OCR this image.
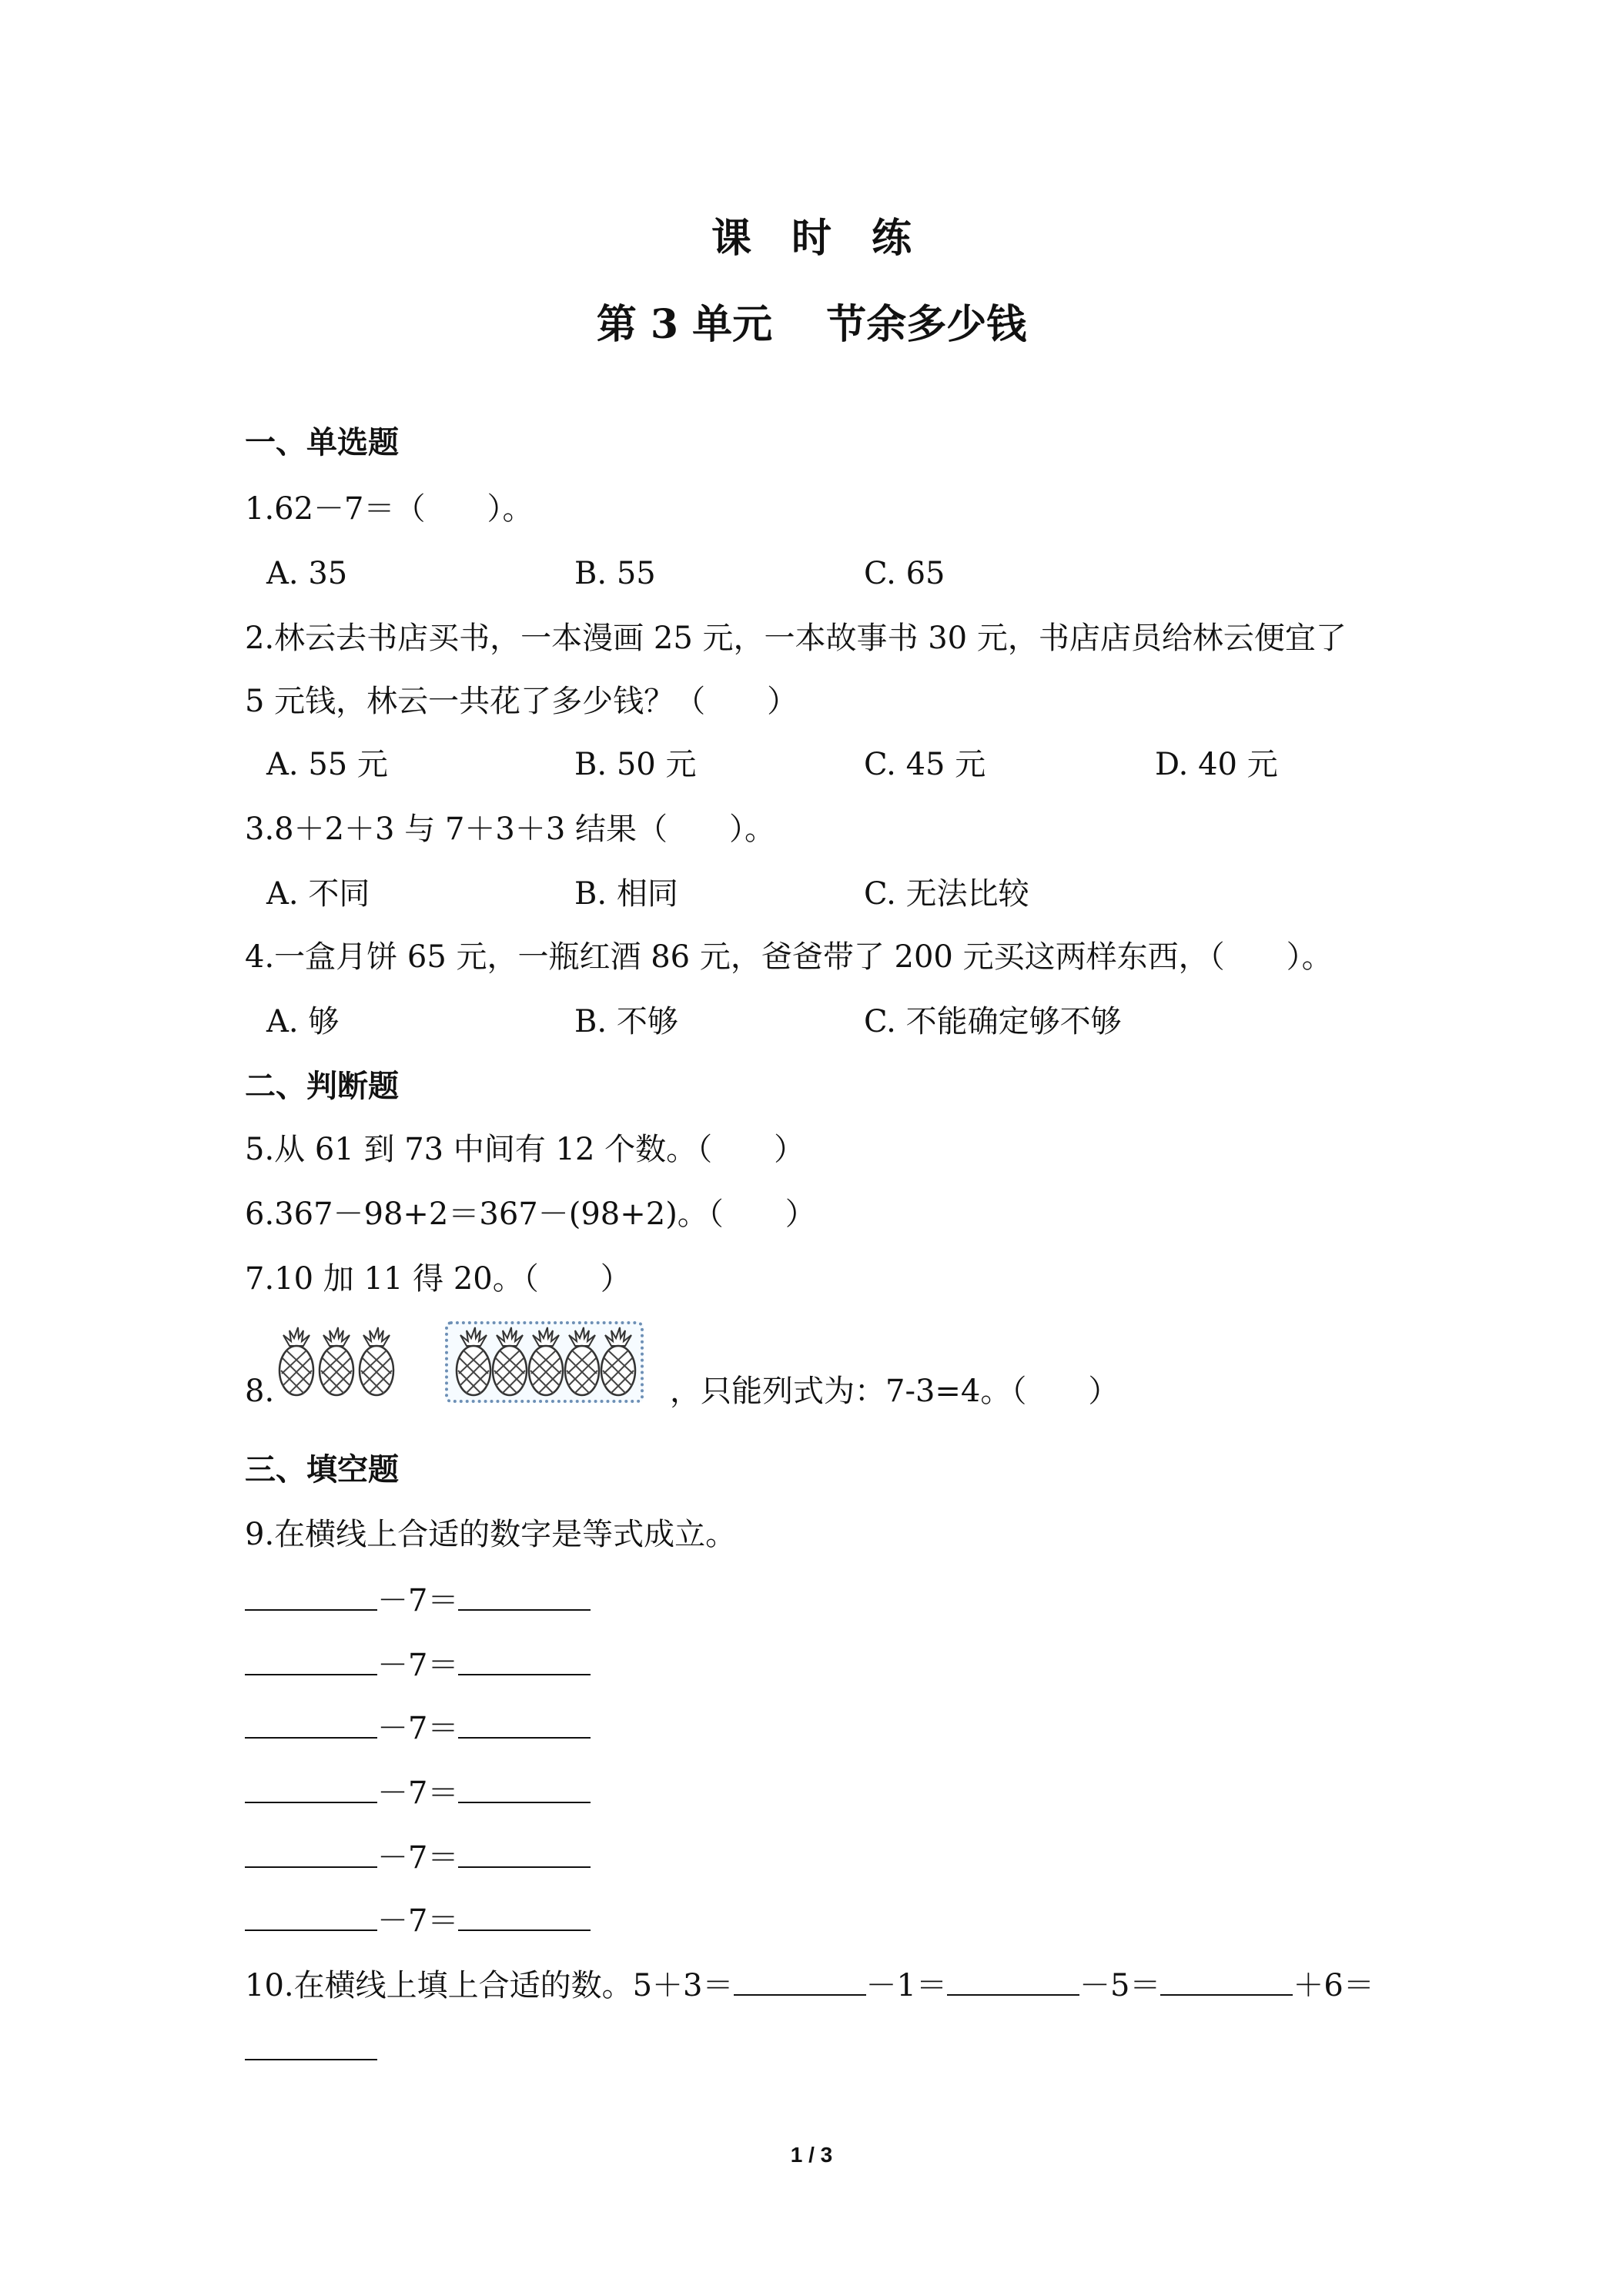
课　时　练
第 3 单元　 节余多少钱
一、单选题
1.62－7＝（　　）。
A. 35	B. 55	C. 65
2.林云去书店买书，一本漫画 25 元，一本故事书 30 元，书店店员给林云便宜了
5 元钱，林云一共花了多少钱？（　　）
A. 55 元	B. 50 元	C. 45 元	D. 40 元
3.8＋2＋3 与 7＋3＋3 结果（　　）。
A. 不同	B. 相同	C. 无法比较
4.一盒月饼 65 元，一瓶红酒 86 元，爸爸带了 200 元买这两样东西，（　　）。
A. 够	B. 不够	C. 不能确定够不够
二、判断题
5.从 61 到 73 中间有 12 个数。（　　）
6.367－98+2＝367－(98+2)。（　　）
7.10 加 11 得 20。（　　）
8.	，只能列式为：7-3=4。（　　）
三、填空题
9.在横线上合适的数字是等式成立。
－7＝
－7＝
－7＝
－7＝
－7＝
－7＝
10.在横线上填上合适的数。5＋3＝	－1＝	－5＝	＋6＝
1 / 3
